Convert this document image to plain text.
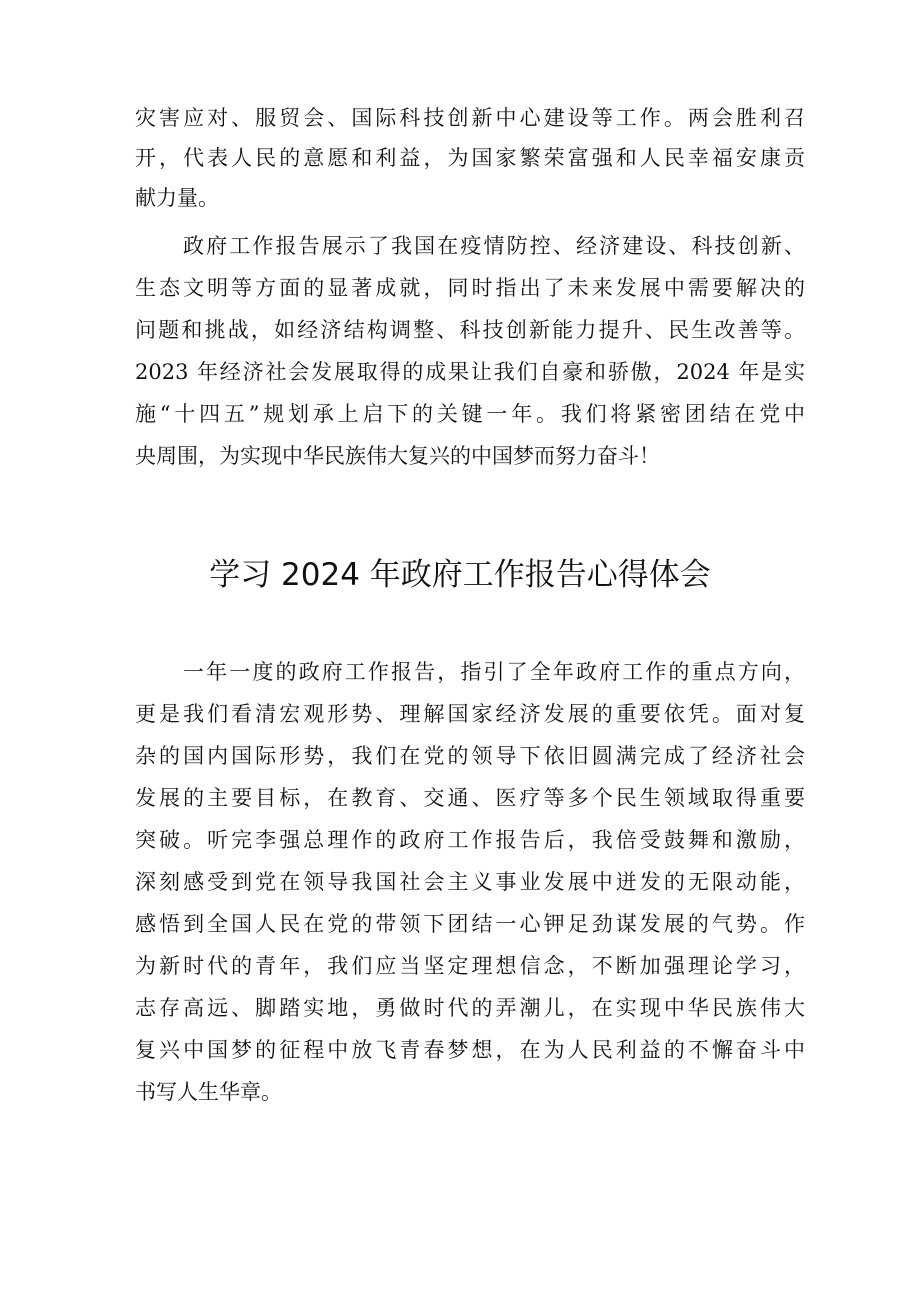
灾害应对、服贸会、国际科技创新中心建设等工作。两会胜利召
开，代表人民的意愿和利益，为国家繁荣富强和人民幸福安康贡
献力量。
政府工作报告展示了我国在疫情防控、经济建设、科技创新、
生态文明等方面的显著成就，同时指出了未来发展中需要解决的
问题和挑战，如经济结构调整、科技创新能力提升、民生改善等。
2023 年经济社会发展取得的成果让我们自豪和骄傲，2024 年是实
施“十四五”规划承上启下的关键一年。我们将紧密团结在党中
央周围，为实现中华民族伟大复兴的中国梦而努力奋斗！
学习 2024 年政府工作报告心得体会
一年一度的政府工作报告，指引了全年政府工作的重点方向，
更是我们看清宏观形势、理解国家经济发展的重要依凭。面对复
杂的国内国际形势，我们在党的领导下依旧圆满完成了经济社会
发展的主要目标，在教育、交通、医疗等多个民生领域取得重要
突破。听完李强总理作的政府工作报告后，我倍受鼓舞和激励，
深刻感受到党在领导我国社会主义事业发展中迸发的无限动能，
感悟到全国人民在党的带领下团结一心钾足劲谋发展的气势。作
为新时代的青年，我们应当坚定理想信念，不断加强理论学习，
志存高远、脚踏实地，勇做时代的弄潮儿，在实现中华民族伟大
复兴中国梦的征程中放飞青春梦想，在为人民利益的不懈奋斗中
书写人生华章。
